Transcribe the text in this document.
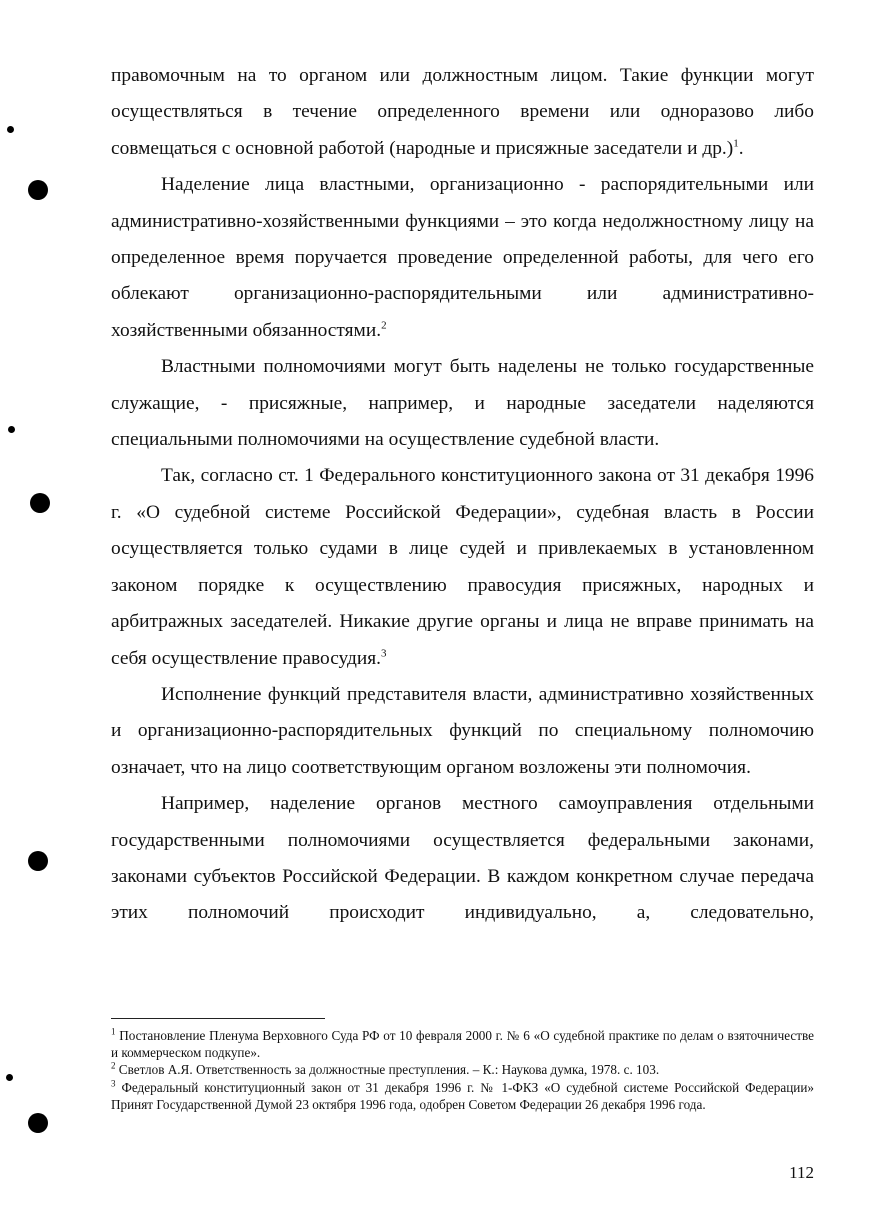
правомочным на то органом или должностным лицом. Такие функции могут осуществляться в течение определенного времени или одноразово либо совмещаться с основной работой (народные и присяжные заседатели и др.)$^1$.

Наделение лица властными, организационно - распорядительными или административно-хозяйственными функциями – это когда недолжностному лицу на определенное время поручается проведение определенной работы, для чего его облекают организационно-распорядительными или административно-хозяйственными обязанностями.$^2$

Властными полномочиями могут быть наделены не только государственные служащие, - присяжные, например, и народные заседатели наделяются специальными полномочиями на осуществление судебной власти.

Так, согласно ст. 1 Федерального конституционного закона от 31 декабря 1996 г. «О судебной системе Российской Федерации», судебная власть в России осуществляется только судами в лице судей и привлекаемых в установленном законом порядке к осуществлению правосудия присяжных, народных и арбитражных заседателей. Никакие другие органы и лица не вправе принимать на себя осуществление правосудия.$^3$

Исполнение функций представителя власти, административно хозяйственных и организационно-распорядительных функций по специальному полномочию означает, что на лицо соответствующим органом возложены эти полномочия.

Например, наделение органов местного самоуправления отдельными государственными полномочиями осуществляется федеральными законами, законами субъектов Российской Федерации. В каждом конкретном случае передача этих полномочий происходит индивидуально, а, следовательно,

$^1$ Постановление Пленума Верховного Суда РФ от 10 февраля 2000 г. № 6 «О судебной практике по делам о взяточничестве и коммерческом подкупе».

$^2$ Светлов А.Я. Ответственность за должностные преступления. – К.: Наукова думка, 1978. с. 103.

$^3$ Федеральный конституционный закон от 31 декабря 1996 г. № 1-ФКЗ «О судебной системе Российской Федерации» Принят Государственной Думой 23 октября 1996 года, одобрен Советом Федерации 26 декабря 1996 года.

112
